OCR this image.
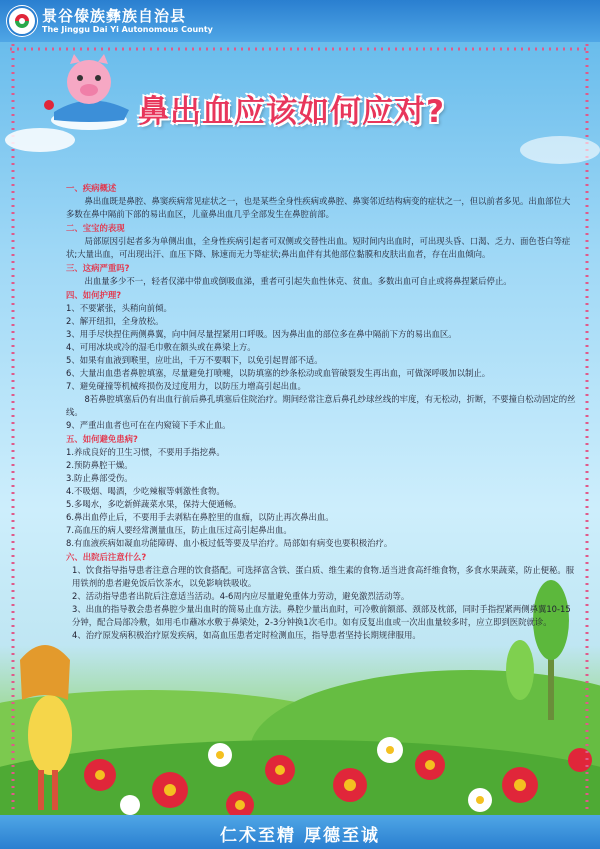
景谷傣族彝族自治县
The Jinggu Dai Yi Autonomous County
鼻出血应该如何应对?
一、疾病概述
鼻出血既是鼻腔、鼻窦疾病常见症状之一，也是某些全身性疾病或鼻腔、鼻窦邻近结构病变的症状之一，但以前者多见。出血部位大多数在鼻中隔前下部的易出血区，儿童鼻出血几乎全部发生在鼻腔前部。
二、宝宝的表现
局部原因引起者多为单侧出血，全身性疾病引起者可双侧或交替性出血。短时间内出血时，可出现头昏、口渴、乏力、面色苍白等症状;大量出血，可出现出汗、血压下降、脉速而无力等症状;鼻出血伴有其他部位黏膜和皮肤出血者，存在出血倾向。
三、这病严重吗?
出血量多少不一，轻者仅涕中带血或倒吸血涕，重者可引起失血性休克、贫血。多数出血可自止或将鼻捏紧后停止。
四、如何护理?
1、不要紧张，头稍向前倾。
2、解开纽扣，全身放松。
3、用手尽快捏住两侧鼻翼，向中间尽量捏紧用口呼吸。因为鼻出血的部位多在鼻中隔前下方的易出血区。
4、可用冰块或冷的湿毛巾敷在额头或在鼻梁上方。
5、如果有血液到喉里，应吐出，千万不要咽下，以免引起胃部不适。
6、大量出血患者鼻腔填塞，尽量避免打喷嚏，以防填塞的纱条松动或血管破裂发生再出血，可做深呼吸加以制止。
7、避免碰撞等机械疼损伤及过度用力，以防压力增高引起出血。
8若鼻腔填塞后仍有出血行前后鼻孔填塞后住院治疗。期间经常注意后鼻孔纱球丝线的牢度，有无松动，折断，不要撞自松动固定的丝线。
9、严重出血者也可在在内窥镜下手术止血。
五、如何避免患病?
1.养成良好的卫生习惯，不要用手指挖鼻。
2.预防鼻腔干燥。
3.防止鼻部受伤。
4.不吸烟、喝酒，少吃辣椒等刺激性食物。
5.多喝水，多吃新鲜蔬菜水果，保持大便通畅。
6.鼻出血停止后，不要用手去剥粘在鼻腔里的血痂，以防止再次鼻出血。
7.高血压的病人要经常测量血压，防止血压过高引起鼻出血。
8.有血液疾病如凝血功能障碍、血小板过低等要及早治疗。局部如有病变也要积极治疗。
六、出院后注意什么?
1、饮食指导指导患者注意合理的饮食搭配。可选择富含铁、蛋白质、维生素的食物.适当进食高纤维食物，多食水果蔬菜，防止便秘。服用铁剂的患者避免饭后饮茶水，以免影响铁吸收。
2、活动指导患者出院后注意适当活动。4-6周内应尽量避免重体力劳动，避免激烈活动等。
3、出血的指导教会患者鼻腔少量出血时的简易止血方法。鼻腔少量出血时，可冷敷前额部、颈部及枕部，同时手指捏紧两侧鼻翼10-15分钟，配合局部冷敷，如用毛巾蘸冰水敷于鼻梁处，2-3分钟换1次毛巾。如有反复出血或一次出血量较多时，应立即到医院就诊。
4、治疗原发病积极治疗原发疾病，如高血压患者定时检测血压，指导患者坚持长期规律服用。
仁术至精 厚德至诚
